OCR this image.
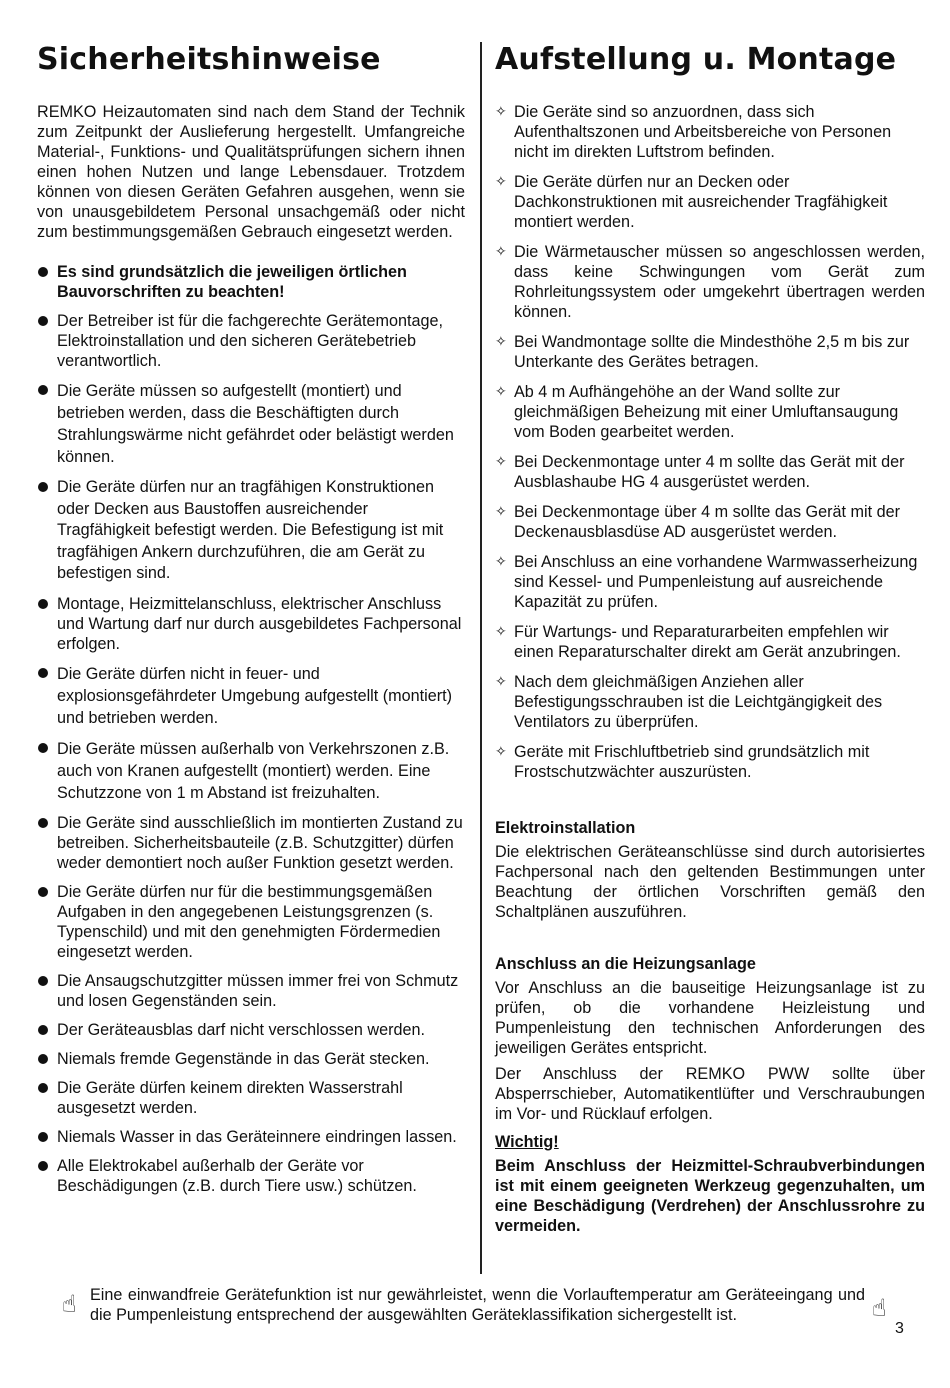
Sicherheitshinweise

REMKO Heizautomaten sind nach dem Stand der Technik zum Zeitpunkt der Auslieferung hergestellt. Umfangreiche Material-, Funktions- und Qualitätsprüfungen sichern ihnen einen hohen Nutzen und lange Lebensdauer. Trotzdem können von diesen Geräten Gefahren ausgehen, wenn sie von unausgebildetem Personal unsachgemäß oder nicht zum bestimmungsgemäßen Gebrauch eingesetzt werden.

Es sind grundsätzlich die jeweiligen örtlichen Bauvorschriften zu beachten!
Der Betreiber ist für die fachgerechte Gerätemontage, Elektroinstallation und den sicheren Gerätebetrieb verantwortlich.
Die Geräte müssen so aufgestellt (montiert) und betrieben werden, dass die Beschäftigten durch Strahlungswärme nicht gefährdet oder belästigt werden können.
Die Geräte dürfen nur an tragfähigen Konstruktionen oder Decken aus Baustoffen ausreichender Tragfähigkeit befestigt werden. Die Befestigung ist mit tragfähigen Ankern durchzuführen, die am Gerät zu befestigen sind.
Montage, Heizmittelanschluss, elektrischer Anschluss und Wartung darf nur durch ausgebildetes Fachpersonal erfolgen.
Die Geräte dürfen nicht in feuer- und explosionsgefährdeter Umgebung aufgestellt (montiert) und betrieben werden.
Die Geräte müssen außerhalb von Verkehrszonen z.B. auch von Kranen aufgestellt (montiert) werden. Eine Schutzzone von 1 m Abstand ist freizuhalten.
Die Geräte sind ausschließlich im montierten Zustand zu betreiben. Sicherheitsbauteile (z.B. Schutzgitter) dürfen weder demontiert noch außer Funktion gesetzt werden.
Die Geräte dürfen nur für die bestimmungsgemäßen Aufgaben in den angegebenen Leistungsgrenzen (s. Typenschild) und mit den genehmigten Fördermedien eingesetzt werden.
Die Ansaugschutzgitter müssen immer frei von Schmutz und losen Gegenständen sein.
Der Geräteausblas darf nicht verschlossen werden.
Niemals fremde Gegenstände in das Gerät stecken.
Die Geräte dürfen keinem direkten Wasserstrahl ausgesetzt werden.
Niemals Wasser in das Geräteinnere eindringen lassen.
Alle Elektrokabel außerhalb der Geräte vor Beschädigungen (z.B. durch Tiere usw.) schützen.
Aufstellung u. Montage
✧ Die Geräte sind so anzuordnen, dass sich Aufenthaltszonen und Arbeitsbereiche von Personen nicht im direkten Luftstrom befinden.
✧ Die Geräte dürfen nur an Decken oder Dachkonstruktionen mit ausreichender Tragfähigkeit montiert werden.
✧ Die Wärmetauscher müssen so angeschlossen werden, dass keine Schwingungen vom Gerät zum Rohrleitungssystem oder umgekehrt übertragen werden können.
✧ Bei Wandmontage sollte die Mindesthöhe 2,5 m bis zur Unterkante des Gerätes betragen.
✧ Ab 4 m Aufhängehöhe an der Wand sollte zur gleichmäßigen Beheizung mit einer Umluftansaugung vom Boden gearbeitet werden.
✧ Bei Deckenmontage unter 4 m sollte das Gerät mit der Ausblashaube HG 4 ausgerüstet werden.
✧ Bei Deckenmontage über 4 m sollte das Gerät mit der Deckenausblasdüse AD ausgerüstet werden.
✧ Bei Anschluss an eine vorhandene Warmwasserheizung sind Kessel- und Pumpenleistung auf ausreichende Kapazität zu prüfen.
✧ Für Wartungs- und Reparaturarbeiten empfehlen wir einen Reparaturschalter direkt am Gerät anzubringen.
✧ Nach dem gleichmäßigen Anziehen aller Befestigungsschrauben ist die Leichtgängigkeit des Ventilators zu überprüfen.
✧ Geräte mit Frischluftbetrieb sind grundsätzlich mit Frostschutzwächter auszurüsten.
Elektroinstallation

Die elektrischen Geräteanschlüsse sind durch autorisiertes Fachpersonal nach den geltenden Bestimmungen unter Beachtung der örtlichen Vorschriften gemäß den Schaltplänen auszuführen.

Anschluss an die Heizungsanlage

Vor Anschluss an die bauseitige Heizungsanlage ist zu prüfen, ob die vorhandene Heizleistung und Pumpenleistung den technischen Anforderungen des jeweiligen Gerätes entspricht.

Der Anschluss der REMKO PWW sollte über Absperrschieber, Automatikentlüfter und Verschraubungen im Vor- und Rücklauf erfolgen.

Wichtig!

Beim Anschluss der Heizmittel-Schraubverbindungen ist mit einem geeigneten Werkzeug gegenzuhalten, um eine Beschädigung (Verdrehen) der Anschlussrohre zu vermeiden.

☝ Eine einwandfreie Gerätefunktion ist nur gewährleistet, wenn die Vorlauftemperatur am Geräteeingang und die Pumpenleistung entsprechend der ausgewählten Geräteklassifikation sichergestellt ist.	☝
3
